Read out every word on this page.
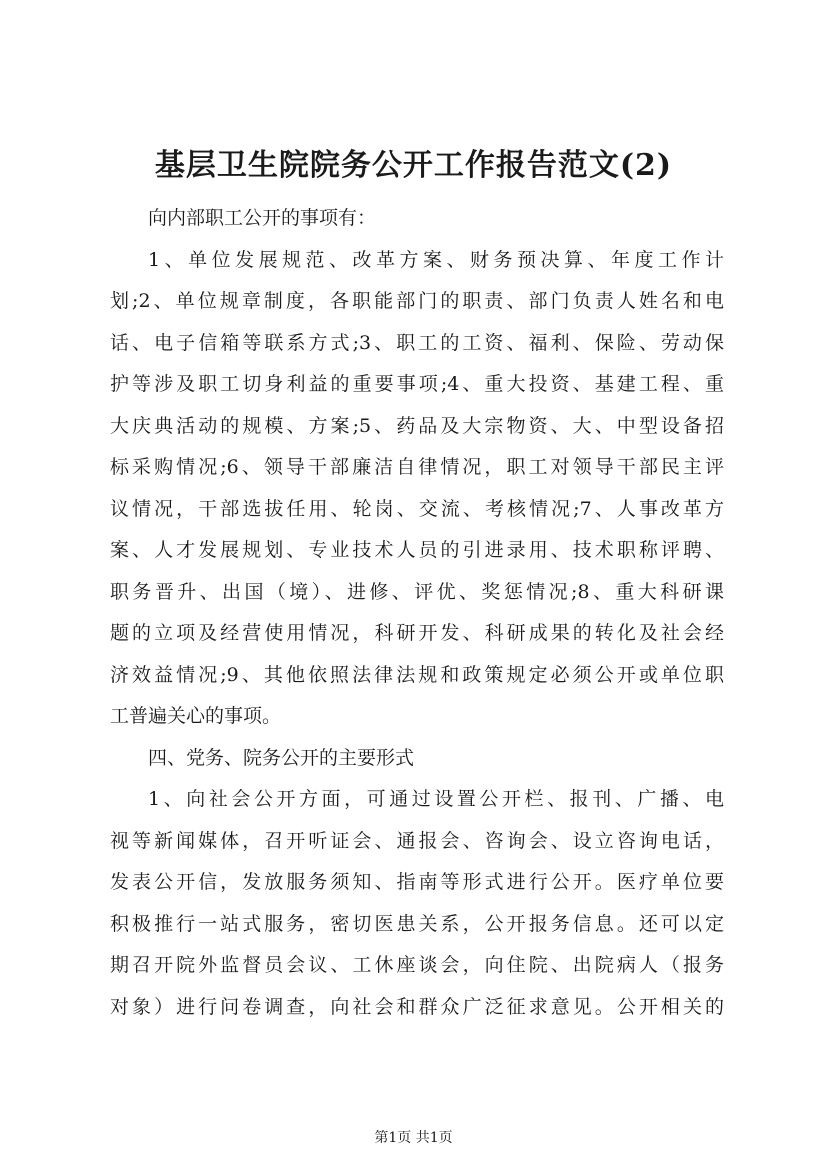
基层卫生院院务公开工作报告范文(2)
向内部职工公开的事项有：
1、单位发展规范、改革方案、财务预决算、年度工作计
划;2、单位规章制度，各职能部门的职责、部门负责人姓名和电
话、电子信箱等联系方式;3、职工的工资、福利、保险、劳动保
护等涉及职工切身利益的重要事项;4、重大投资、基建工程、重
大庆典活动的规模、方案;5、药品及大宗物资、大、中型设备招
标采购情况;6、领导干部廉洁自律情况，职工对领导干部民主评
议情况，干部选拔任用、轮岗、交流、考核情况;7、人事改革方
案、人才发展规划、专业技术人员的引进录用、技术职称评聘、
职务晋升、出国（境）、进修、评优、奖惩情况;8、重大科研课
题的立项及经营使用情况，科研开发、科研成果的转化及社会经
济效益情况;9、其他依照法律法规和政策规定必须公开或单位职
工普遍关心的事项。
四、党务、院务公开的主要形式
1、向社会公开方面，可通过设置公开栏、报刊、广播、电
视等新闻媒体，召开听证会、通报会、咨询会、设立咨询电话，
发表公开信，发放服务须知、指南等形式进行公开。医疗单位要
积极推行一站式服务，密切医患关系，公开报务信息。还可以定
期召开院外监督员会议、工休座谈会，向住院、出院病人（报务
对象）进行问卷调查，向社会和群众广泛征求意见。公开相关的
第1页 共1页
